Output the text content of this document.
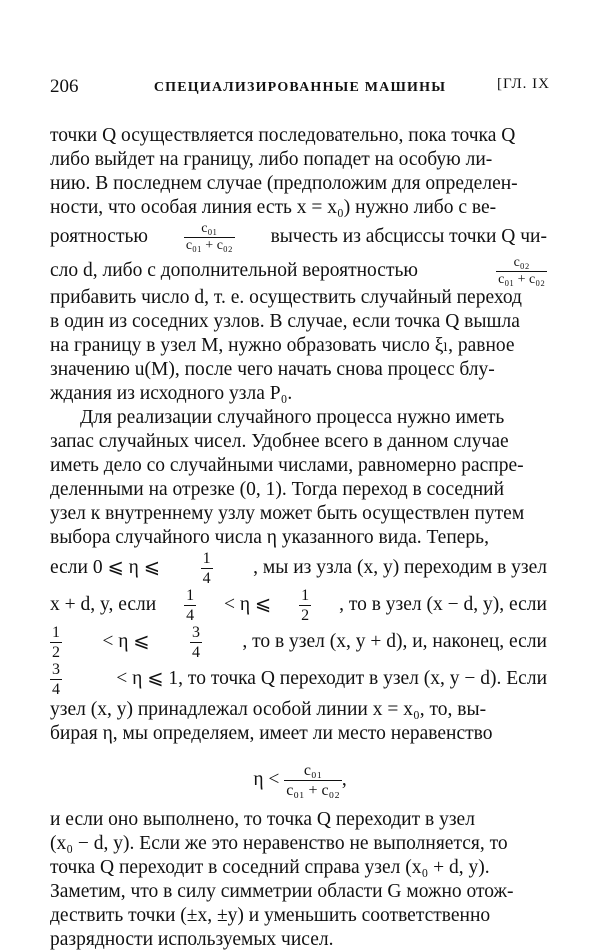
206	СПЕЦИАЛИЗИРОВАННЫЕ МАШИНЫ	[ГЛ. IX
точки Q осуществляется последовательно, пока точка Q
либо выйдет на границу, либо попадет на особую ли-
нию. В последнем случае (предположим для определен-
ности, что особая линия есть x = x₀) нужно либо с ве-
роятностью	$\frac{\text{c₀₁}}{\text{c₀₁ + c₀₂}}$ вычесть из абсциссы точки Q чи-
сло d, либо с дополнительной вероятностью	$\frac{\text{c₀₂}}{\text{c₀₁ + c₀₂}}$
прибавить число d, т. е. осуществить случайный переход
в один из соседних узлов. В случае, если точка Q вышла
на границу в узел M, нужно образовать число ξₗ, равное
значению u(M), после чего начать снова процесс блу-
ждания из исходного узла P₀.
Для реализации случайного процесса нужно иметь
запас случайных чисел. Удобнее всего в данном случае
иметь дело со случайными числами, равномерно распре-
деленными на отрезке (0, 1). Тогда переход в соседний
узел к внутреннему узлу может быть осуществлен путем
выбора случайного числа η указанного вида. Теперь,
если 0 ⩽ η ⩽	$\frac{1}{4}$ , мы из узла (x, y) переходим в узел
x + d, y, если $\frac{1}{4} < \eta$ ⩽ $\frac{1}{2}$ , то в узел (x − d, y), если
$\frac{1}{2} < \eta$ ⩽	$\frac{3}{4}$ , то в узел (x, y + d), и, наконец, если
$\frac{3}{4}$	< η ⩽ 1, то точка Q переходит в узел (x, y − d). Если
узел (x, y) принадлежал особой линии x = x₀, то, вы-
бирая η, мы определяем, имеет ли место неравенство
η <
$\frac{\text{c₀₁}}{\text{c₀₁ + c₀₂}}$ ,
и если оно выполнено, то точка Q переходит в узел
(x₀ − d, y). Если же это неравенство не выполняется, то
точка Q переходит в соседний справа узел (x₀ + d, y).
Заметим, что в силу симметрии области G можно отож-
дествить точки (±x, ±y) и уменьшить соответственно
разрядности используемых чисел.
